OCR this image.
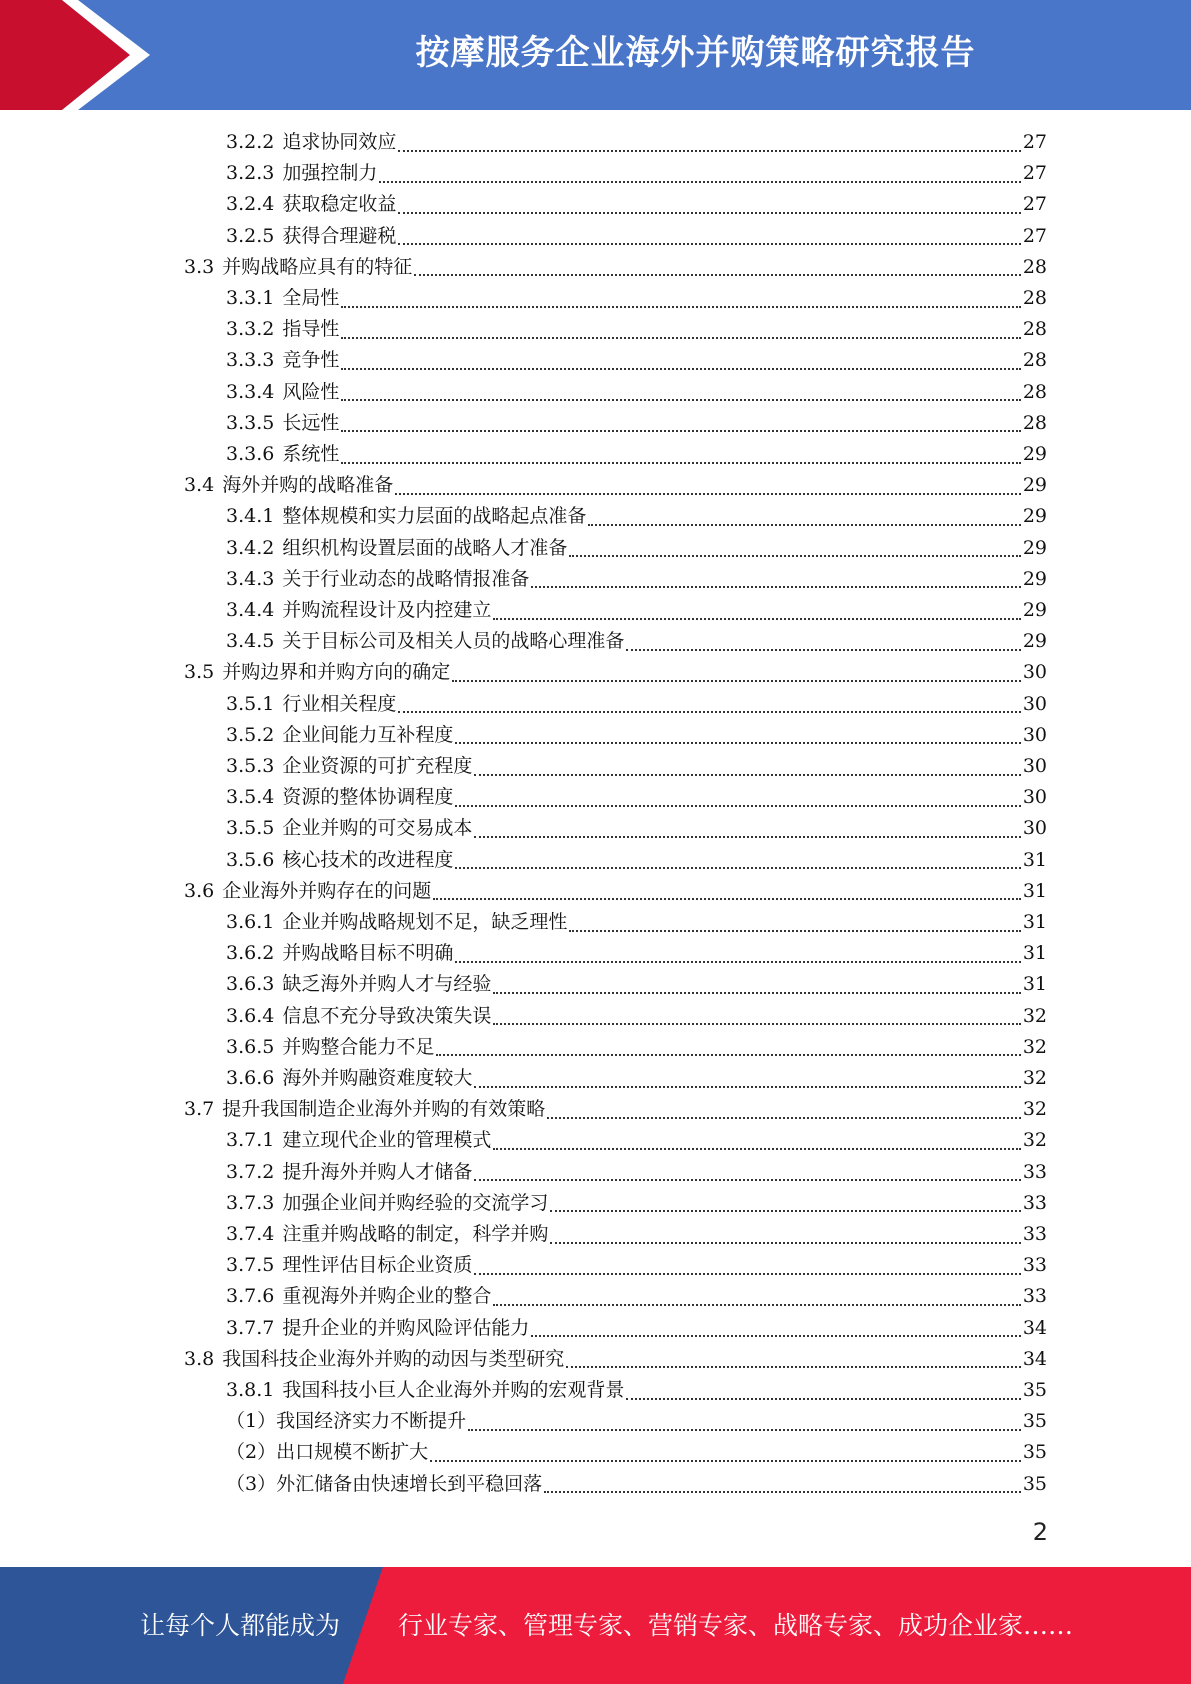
按摩服务企业海外并购策略研究报告
3.2.2 追求协同效应	27
3.2.3 加强控制力	27
3.2.4 获取稳定收益	27
3.2.5 获得合理避税	27
3.3 并购战略应具有的特征	28
3.3.1 全局性	28
3.3.2 指导性	28
3.3.3 竞争性	28
3.3.4 风险性	28
3.3.5 长远性	28
3.3.6 系统性	29
3.4 海外并购的战略准备	29
3.4.1 整体规模和实力层面的战略起点准备	29
3.4.2 组织机构设置层面的战略人才准备	29
3.4.3 关于行业动态的战略情报准备	29
3.4.4 并购流程设计及内控建立	29
3.4.5 关于目标公司及相关人员的战略心理准备	29
3.5 并购边界和并购方向的确定	30
3.5.1 行业相关程度	30
3.5.2 企业间能力互补程度	30
3.5.3 企业资源的可扩充程度	30
3.5.4 资源的整体协调程度	30
3.5.5 企业并购的可交易成本	30
3.5.6 核心技术的改进程度	31
3.6 企业海外并购存在的问题	31
3.6.1 企业并购战略规划不足，缺乏理性	31
3.6.2 并购战略目标不明确	31
3.6.3 缺乏海外并购人才与经验	31
3.6.4 信息不充分导致决策失误	32
3.6.5 并购整合能力不足	32
3.6.6 海外并购融资难度较大	32
3.7 提升我国制造企业海外并购的有效策略	32
3.7.1 建立现代企业的管理模式	32
3.7.2 提升海外并购人才储备	33
3.7.3 加强企业间并购经验的交流学习	33
3.7.4 注重并购战略的制定，科学并购	33
3.7.5 理性评估目标企业资质	33
3.7.6 重视海外并购企业的整合	33
3.7.7 提升企业的并购风险评估能力	34
3.8 我国科技企业海外并购的动因与类型研究	34
3.8.1 我国科技小巨人企业海外并购的宏观背景	35
（1） 我国经济实力不断提升	35
（2） 出口规模不断扩大	35
（3） 外汇储备由快速增长到平稳回落	35
2
让每个人都能成为 行业专家、管理专家、营销专家、战略专家、成功企业家……
